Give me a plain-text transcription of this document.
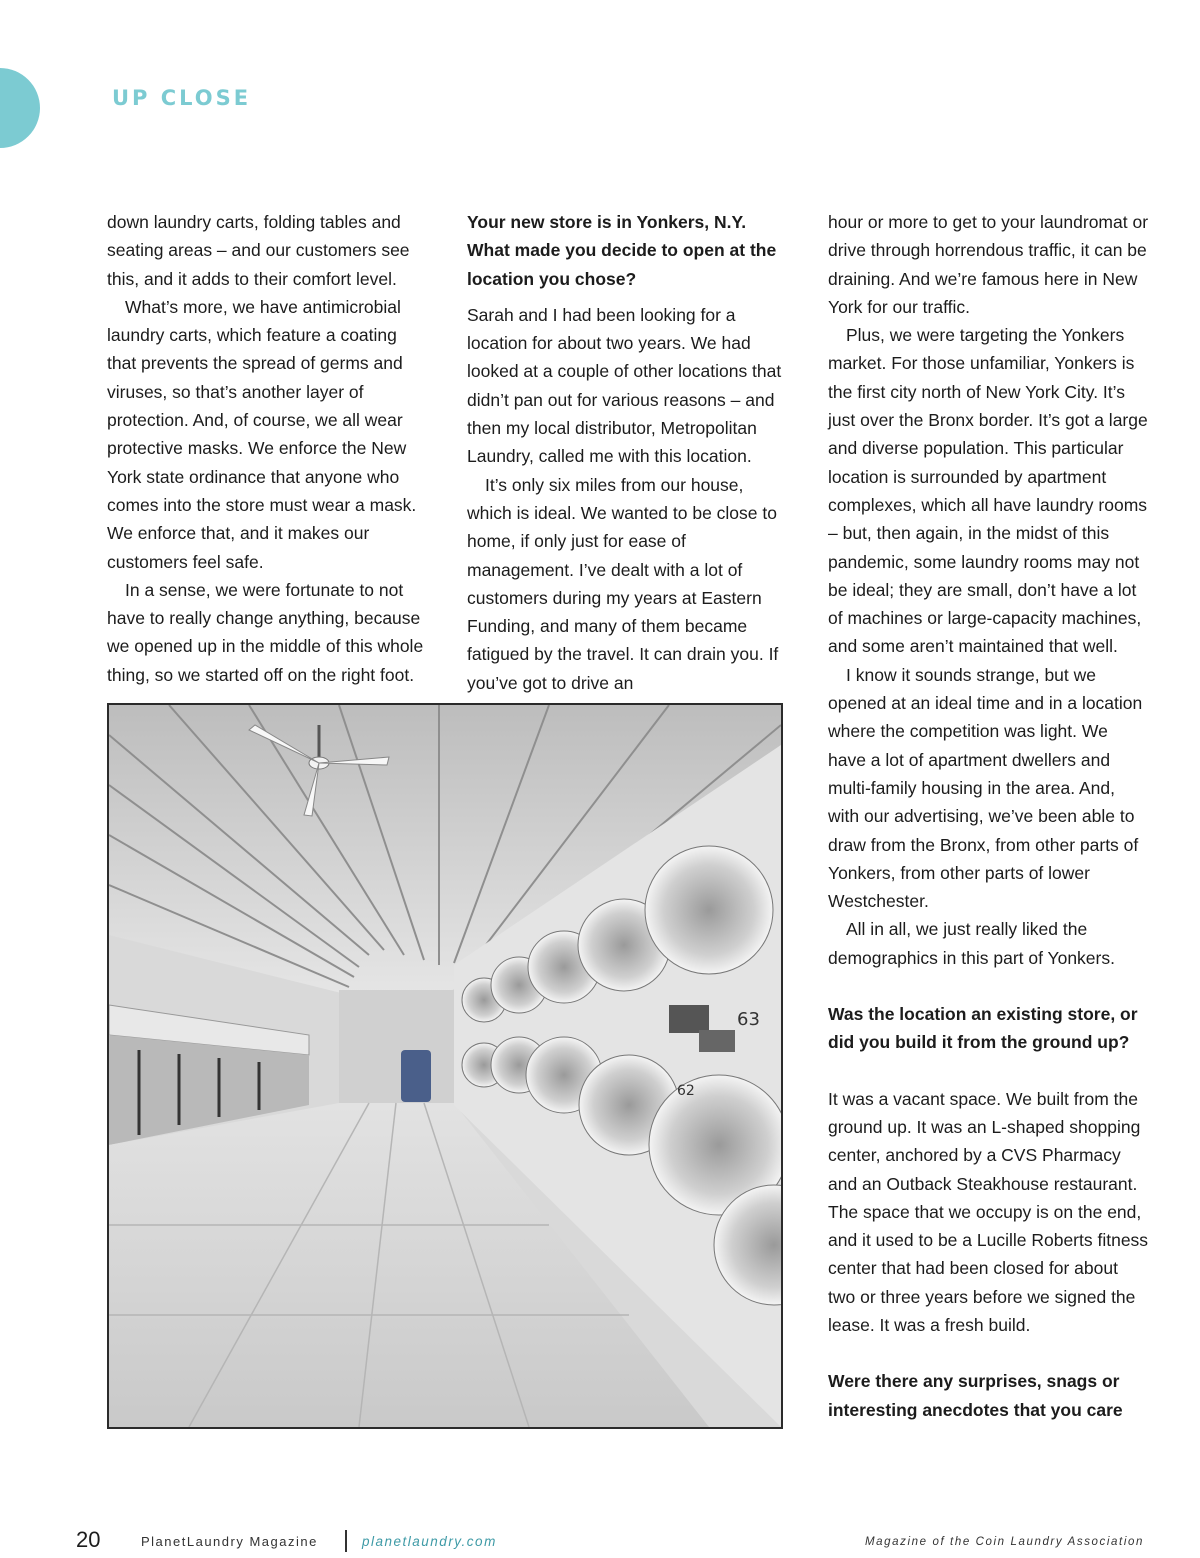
UP CLOSE

down laundry carts, folding tables and seating areas – and our customers see this, and it adds to their comfort level.

What’s more, we have antimicrobial laundry carts, which feature a coating that prevents the spread of germs and viruses, so that’s another layer of protection. And, of course, we all wear protective masks. We enforce the New York state ordinance that anyone who comes into the store must wear a mask. We enforce that, and it makes our customers feel safe.

In a sense, we were fortunate to not have to really change anything, because we opened up in the middle of this whole thing, so we started off on the right foot.

Your new store is in Yonkers, N.Y. What made you decide to open at the location you chose?

Sarah and I had been looking for a location for about two years. We had looked at a couple of other locations that didn’t pan out for various reasons – and then my local distributor, Metropolitan Laundry, called me with this location.

It’s only six miles from our house, which is ideal. We wanted to be close to home, if only just for ease of management. I’ve dealt with a lot of customers during my years at Eastern Funding, and many of them became fatigued by the travel. It can drain you. If you’ve got to drive an

hour or more to get to your laundromat or drive through horrendous traffic, it can be draining. And we’re famous here in New York for our traffic.

Plus, we were targeting the Yonkers market. For those unfamiliar, Yonkers is the first city north of New York City. It’s just over the Bronx border. It’s got a large and diverse population. This particular location is surrounded by apartment complexes, which all have laundry rooms – but, then again, in the midst of this pandemic, some laundry rooms may not be ideal; they are small, don’t have a lot of machines or large-capacity machines, and some aren’t maintained that well.

I know it sounds strange, but we opened at an ideal time and in a location where the competition was light. We have a lot of apartment dwellers and multi-family housing in the area. And, with our advertising, we’ve been able to draw from the Bronx, from other parts of Yonkers, from other parts of lower Westchester.

All in all, we just really liked the demographics in this part of Yonkers.

Was the location an existing store, or did you build it from the ground up?

It was a vacant space. We built from the ground up. It was an L-shaped shopping center, anchored by a CVS Pharmacy and an Outback Steakhouse restaurant. The space that we occupy is on the end, and it used to be a Lucille Roberts fitness center that had been closed for about two or three years before we signed the lease. It was a fresh build.

Were there any surprises, snags or interesting anecdotes that you care

63
62
20	PlanetLaundry Magazine	planetlaundry.com	Magazine of the Coin Laundry Association
